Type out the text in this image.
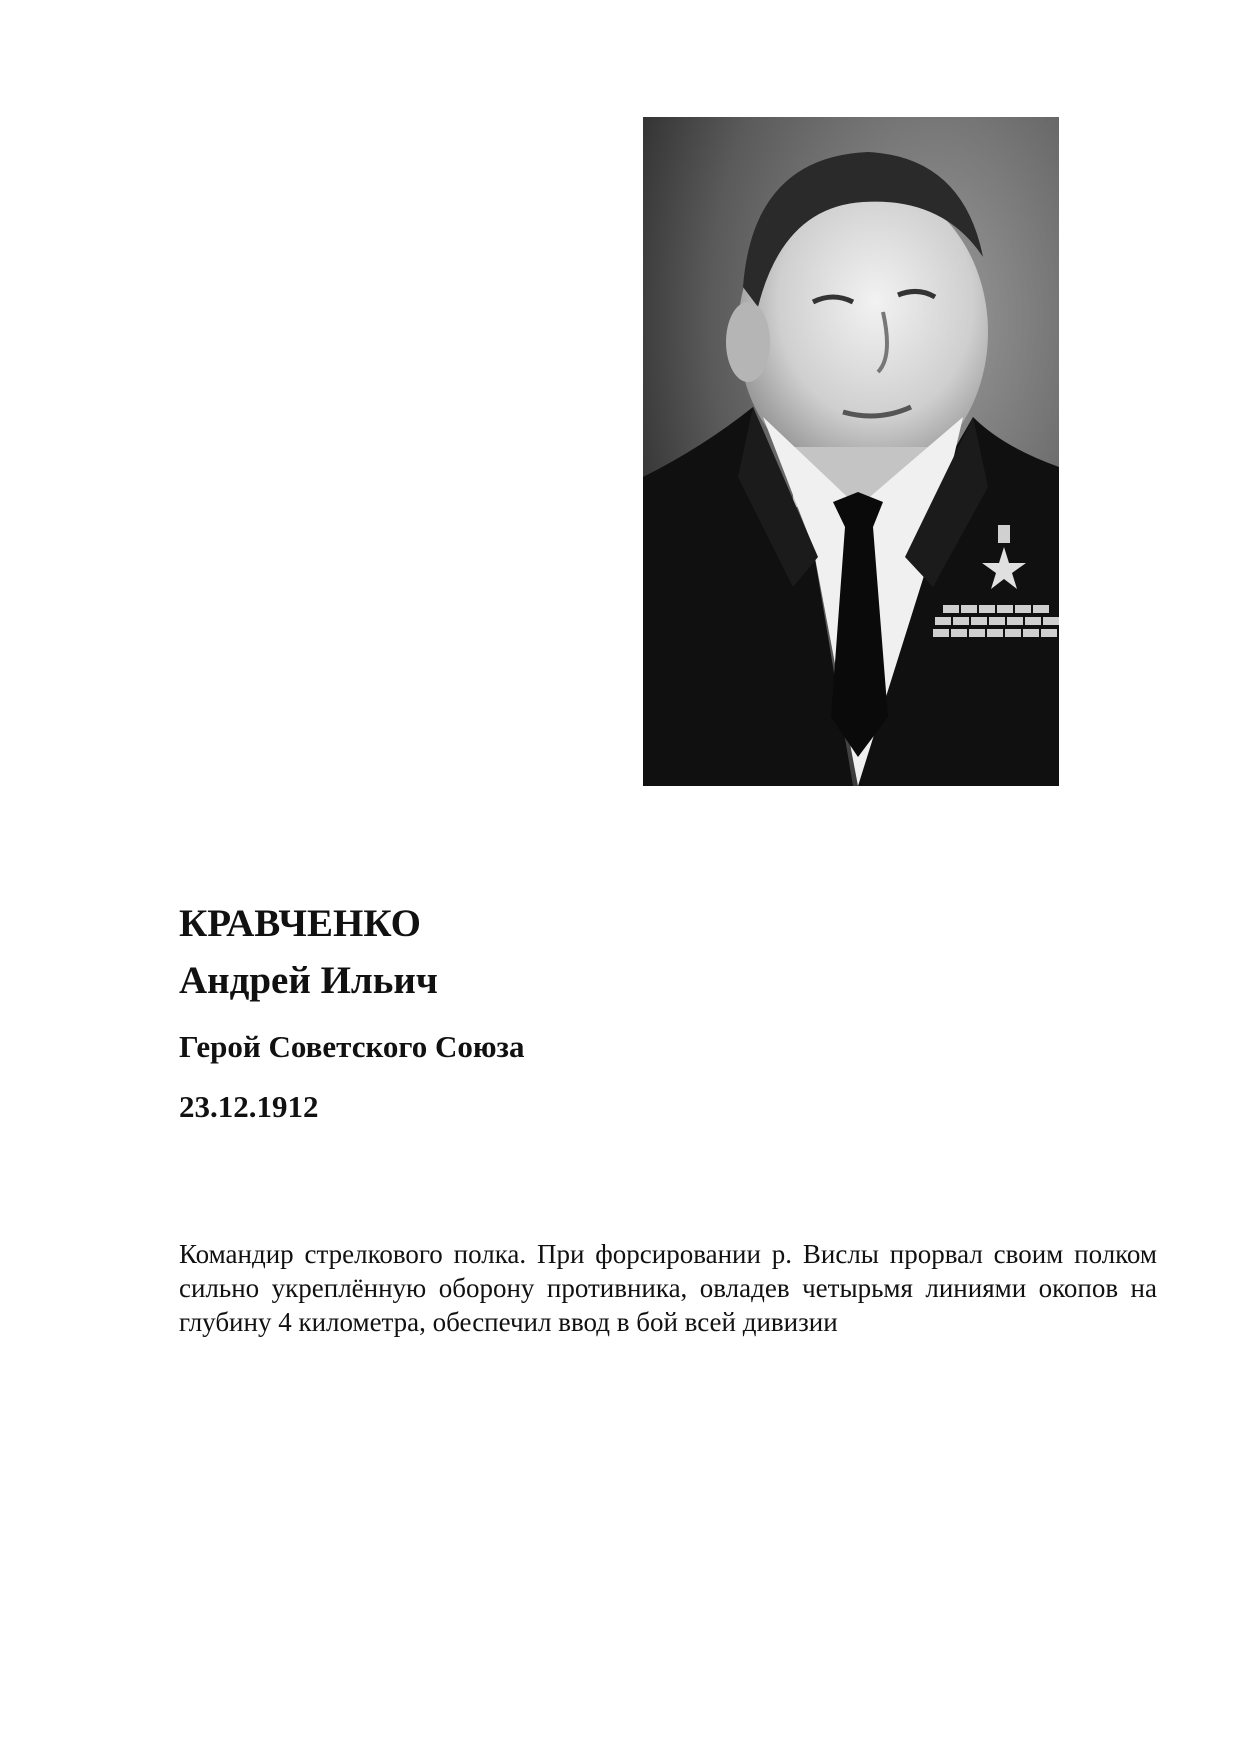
КРАВЧЕНКО
Андрей Ильич
Герой Советского Союза
23.12.1912

Командир стрелкового полка. При форсировании р. Вислы прорвал своим полком сильно укреплённую оборону противника, овладев четырьмя линиями окопов на глубину 4 километра, обеспечил ввод в бой всей дивизии
